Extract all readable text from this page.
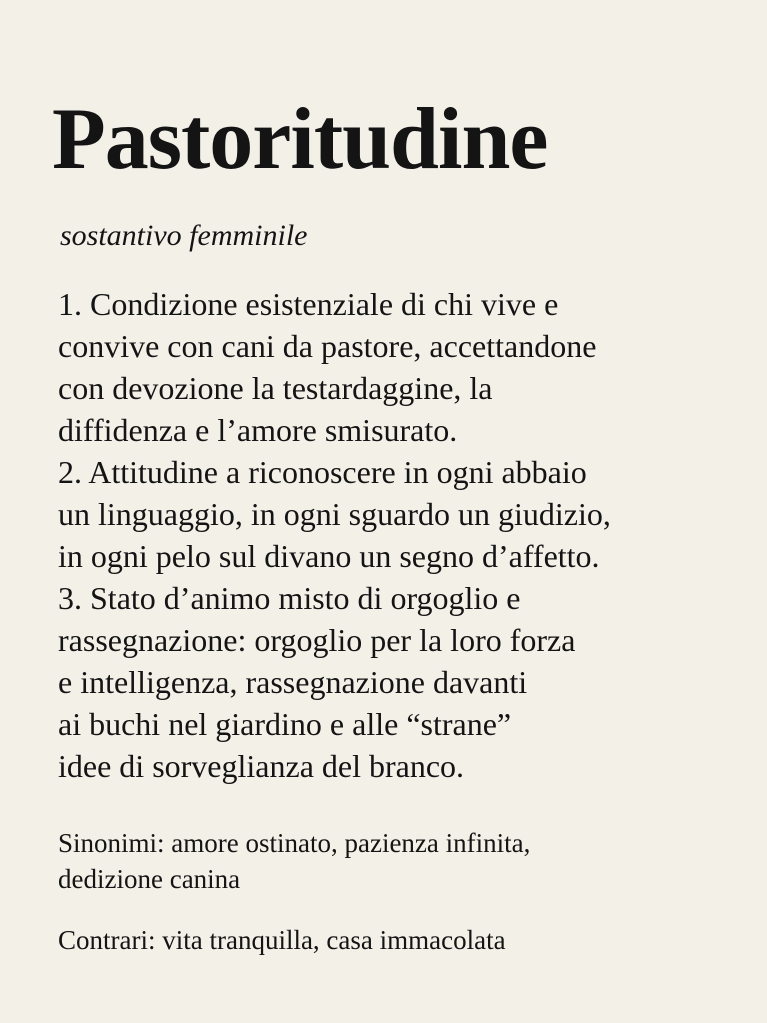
Pastoritudine

sostantivo femminile

1. Condizione esistenziale di chi vive e
convive con cani da pastore, accettandone
con devozione la testardaggine, la
diffidenza e l’amore smisurato.
2. Attitudine a riconoscere in ogni abbaio
un linguaggio, in ogni sguardo un giudizio,
in ogni pelo sul divano un segno d’affetto.
3. Stato d’animo misto di orgoglio e
rassegnazione: orgoglio per la loro forza
e intelligenza, rassegnazione davanti
ai buchi nel giardino e alle “strane”
idee di sorveglianza del branco.

Sinonimi: amore ostinato, pazienza infinita,
dedizione canina

Contrari: vita tranquilla, casa immacolata
